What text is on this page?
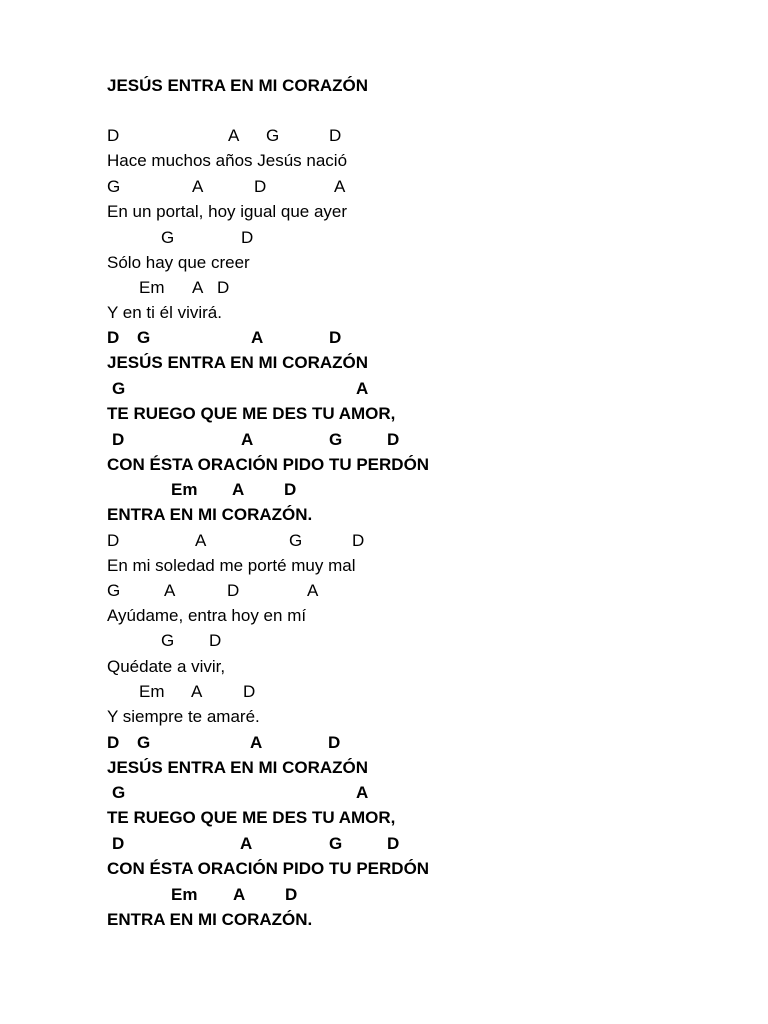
JESÚS ENTRA EN MI CORAZÓN
D	A G	D
Hace muchos años Jesús nació
G	A	D	A
En un portal, hoy igual que ayer
G	D
Sólo hay que creer
Em A D
Y en ti él vivirá.
D G	A	D
JESÚS ENTRA EN MI CORAZÓN
G	A
TE RUEGO QUE ME DES TU AMOR,
D	A	G	D
CON ÉSTA ORACIÓN PIDO TU PERDÓN
Em A D
ENTRA EN MI CORAZÓN.
D	A	G	D
En mi soledad me porté muy mal
G	A	D	A
Ayúdame, entra hoy en mí
G D
Quédate a vivir,
Em A D
Y siempre te amaré.
D G	A	D
JESÚS ENTRA EN MI CORAZÓN
G	A
TE RUEGO QUE ME DES TU AMOR,
D	A	G	D
CON ÉSTA ORACIÓN PIDO TU PERDÓN
Em A D
ENTRA EN MI CORAZÓN.
